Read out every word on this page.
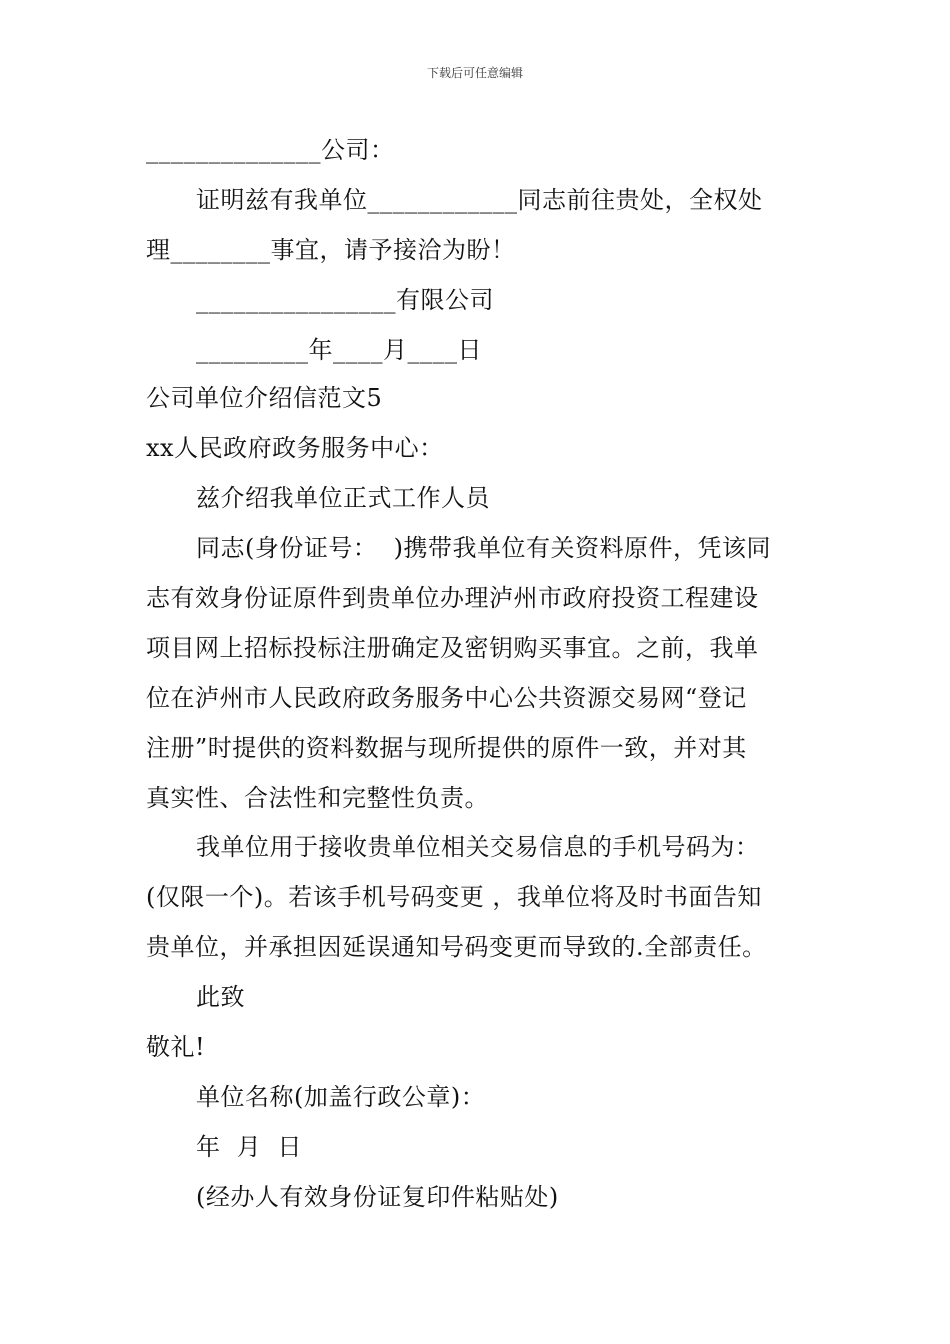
下载后可任意编辑
______________公司：
证明兹有我单位____________同志前往贵处，全权处
理________事宜，请予接洽为盼！
________________有限公司
_________年____月____日
公司单位介绍信范文5
xx人民政府政务服务中心：
兹介绍我单位正式工作人员
同志(身份证号：  )携带我单位有关资料原件，凭该同
志有效身份证原件到贵单位办理泸州市政府投资工程建设
项目网上招标投标注册确定及密钥购买事宜。之前，我单
位在泸州市人民政府政务服务中心公共资源交易网“登记
注册”时提供的资料数据与现所提供的原件一致，并对其
真实性、合法性和完整性负责。
我单位用于接收贵单位相关交易信息的手机号码为：
(仅限一个)。若该手机号码变更 ，我单位将及时书面告知
贵单位，并承担因延误通知号码变更而导致的.全部责任。
此致
敬礼!
单位名称(加盖行政公章)：
年  月  日
(经办人有效身份证复印件粘贴处)
